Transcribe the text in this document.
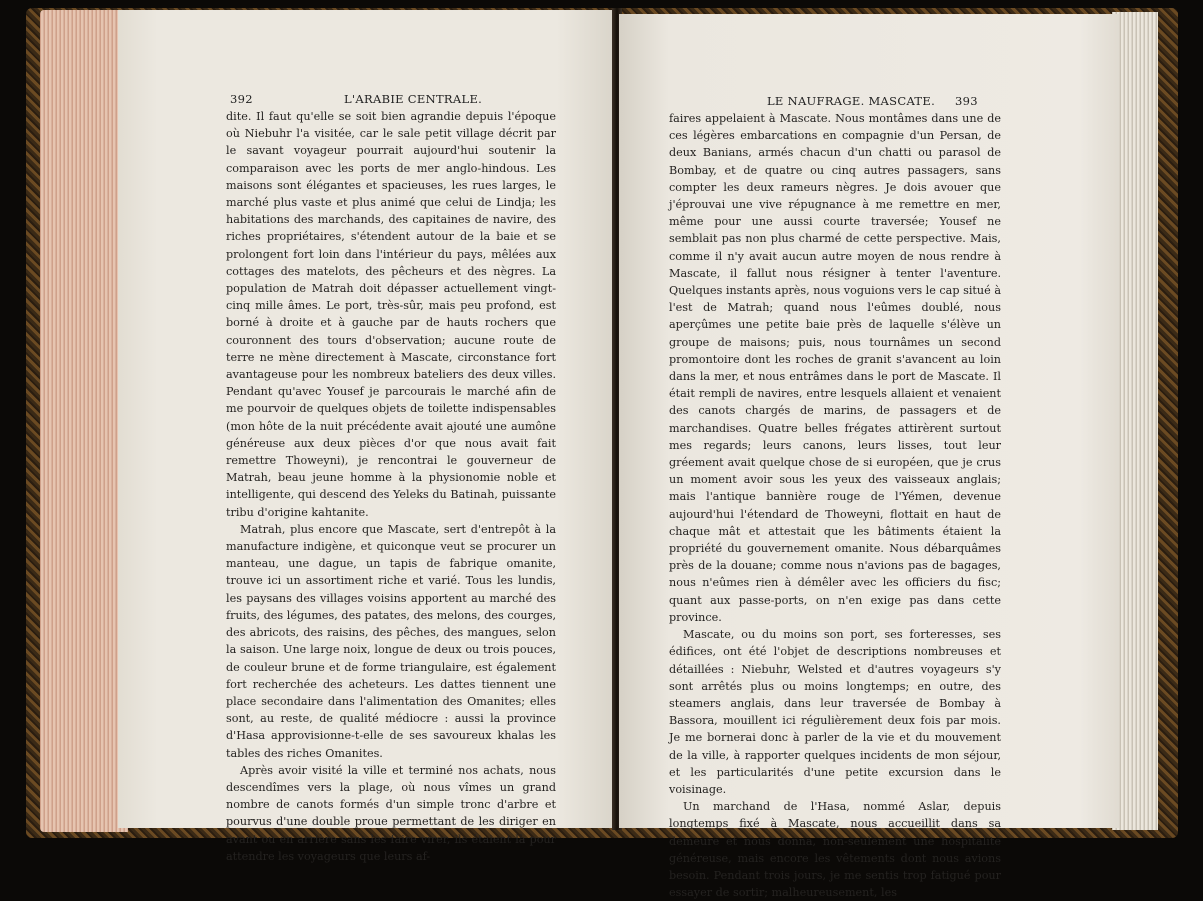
392	L'ARABIE CENTRALE.

dite. Il faut qu'elle se soit bien agrandie depuis l'époque où Niebuhr l'a visitée, car le sale petit village décrit par le savant voyageur pourrait aujourd'hui soutenir la comparaison avec les ports de mer anglo-hindous. Les maisons sont élégantes et spacieuses, les rues larges, le marché plus vaste et plus animé que celui de Lindja; les habitations des marchands, des capitaines de navire, des riches propriétaires, s'étendent autour de la baie et se prolongent fort loin dans l'intérieur du pays, mêlées aux cottages des matelots, des pêcheurs et des nègres. La population de Matrah doit dépasser actuellement vingt-cinq mille âmes. Le port, très-sûr, mais peu profond, est borné à droite et à gauche par de hauts rochers que couronnent des tours d'observation; aucune route de terre ne mène directement à Mascate, circonstance fort avantageuse pour les nombreux bateliers des deux villes. Pendant qu'avec Yousef je parcourais le marché afin de me pourvoir de quelques objets de toilette indispensables (mon hôte de la nuit précédente avait ajouté une aumône généreuse aux deux pièces d'or que nous avait fait remettre Thoweyni), je rencontrai le gouverneur de Matrah, beau jeune homme à la physionomie noble et intelligente, qui descend des Yeleks du Batinah, puissante tribu d'origine kahtanite.

Matrah, plus encore que Mascate, sert d'entrepôt à la manufacture indigène, et quiconque veut se procurer un manteau, une dague, un tapis de fabrique omanite, trouve ici un assortiment riche et varié. Tous les lundis, les paysans des villages voisins apportent au marché des fruits, des légumes, des patates, des melons, des courges, des abricots, des raisins, des pêches, des mangues, selon la saison. Une large noix, longue de deux ou trois pouces, de couleur brune et de forme triangulaire, est également fort recherchée des acheteurs. Les dattes tiennent une place secondaire dans l'alimentation des Omanites; elles sont, au reste, de qualité médiocre : aussi la province d'Hasa approvisionne-t-elle de ses savoureux khalas les tables des riches Omanites.

Après avoir visité la ville et terminé nos achats, nous descendîmes vers la plage, où nous vîmes un grand nombre de canots formés d'un simple tronc d'arbre et pourvus d'une double proue permettant de les diriger en avant ou en arrière sans les faire virer, ils étaient là pour attendre les voyageurs que leurs af-

LE NAUFRAGE. MASCATE. 393

faires appelaient à Mascate. Nous montâmes dans une de ces légères embarcations en compagnie d'un Persan, de deux Banians, armés chacun d'un chatti ou parasol de Bombay, et de quatre ou cinq autres passagers, sans compter les deux rameurs nègres. Je dois avouer que j'éprouvai une vive répugnance à me remettre en mer, même pour une aussi courte traversée; Yousef ne semblait pas non plus charmé de cette perspective. Mais, comme il n'y avait aucun autre moyen de nous rendre à Mascate, il fallut nous résigner à tenter l'aventure. Quelques instants après, nous voguions vers le cap situé à l'est de Matrah; quand nous l'eûmes doublé, nous aperçûmes une petite baie près de laquelle s'élève un groupe de maisons; puis, nous tournâmes un second promontoire dont les roches de granit s'avancent au loin dans la mer, et nous entrâmes dans le port de Mascate. Il était rempli de navires, entre lesquels allaient et venaient des canots chargés de marins, de passagers et de marchandises. Quatre belles frégates attirèrent surtout mes regards; leurs canons, leurs lisses, tout leur gréement avait quelque chose de si européen, que je crus un moment avoir sous les yeux des vaisseaux anglais; mais l'antique bannière rouge de l'Yémen, devenue aujourd'hui l'étendard de Thoweyni, flottait en haut de chaque mât et attestait que les bâtiments étaient la propriété du gouvernement omanite. Nous débarquâmes près de la douane; comme nous n'avions pas de bagages, nous n'eûmes rien à démêler avec les officiers du fisc; quant aux passe-ports, on n'en exige pas dans cette province.

Mascate, ou du moins son port, ses forteresses, ses édifices, ont été l'objet de descriptions nombreuses et détaillées : Niebuhr, Welsted et d'autres voyageurs s'y sont arrêtés plus ou moins longtemps; en outre, des steamers anglais, dans leur traversée de Bombay à Bassora, mouillent ici régulièrement deux fois par mois. Je me bornerai donc à parler de la vie et du mouvement de la ville, à rapporter quelques incidents de mon séjour, et les particularités d'une petite excursion dans le voisinage.

Un marchand de l'Hasa, nommé Aslar, depuis longtemps fixé à Mascate, nous accueillit dans sa demeure et nous donna, non-seulement une hospitalité généreuse, mais encore les vêtements dont nous avions besoin. Pendant trois jours, je me sentis trop fatigué pour essayer de sortir; malheureusement, les
